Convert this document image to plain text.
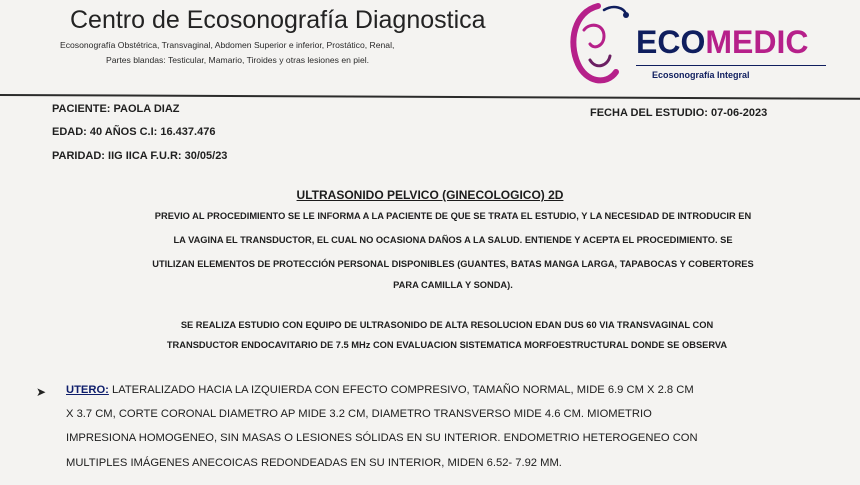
Centro de Ecosonografía Diagnostica
Ecosonografía Obstétrica, Transvaginal, Abdomen Superior e inferior, Prostático, Renal,
Partes blandas: Testicular, Mamario, Tiroides y otras lesiones en piel.	ECOMEDIC
Ecosonografía Integral
PACIENTE: PAOLA DIAZ
EDAD: 40 AÑOS C.I: 16.437.476
PARIDAD: IIG IICA F.U.R: 30/05/23
FECHA DEL ESTUDIO: 07-06-2023
ULTRASONIDO PELVICO (GINECOLOGICO) 2D
PREVIO AL PROCEDIMIENTO SE LE INFORMA A LA PACIENTE DE QUE SE TRATA EL ESTUDIO, Y LA NECESIDAD DE INTRODUCIR EN
LA VAGINA EL TRANSDUCTOR, EL CUAL NO OCASIONA DAÑOS A LA SALUD. ENTIENDE Y ACEPTA EL PROCEDIMIENTO. SE
UTILIZAN ELEMENTOS DE PROTECCIÓN PERSONAL DISPONIBLES (GUANTES, BATAS MANGA LARGA, TAPABOCAS Y COBERTORES
PARA CAMILLA Y SONDA).
SE REALIZA ESTUDIO CON EQUIPO DE ULTRASONIDO DE ALTA RESOLUCION EDAN DUS 60 VIA TRANSVAGINAL CON
TRANSDUCTOR ENDOCAVITARIO DE 7.5 MHz CON EVALUACION SISTEMATICA MORFOESTRUCTURAL DONDE SE OBSERVA
➤ UTERO: LATERALIZADO HACIA LA IZQUIERDA CON EFECTO COMPRESIVO, TAMAÑO NORMAL, MIDE 6.9 CM X 2.8 CM
X 3.7 CM, CORTE CORONAL DIAMETRO AP MIDE 3.2 CM, DIAMETRO TRANSVERSO MIDE 4.6 CM. MIOMETRIO
IMPRESIONA HOMOGENEO, SIN MASAS O LESIONES SÓLIDAS EN SU INTERIOR. ENDOMETRIO HETEROGENEO CON
MULTIPLES IMÁGENES ANECOICAS REDONDEADAS EN SU INTERIOR, MIDEN 6.52- 7.92 MM.
